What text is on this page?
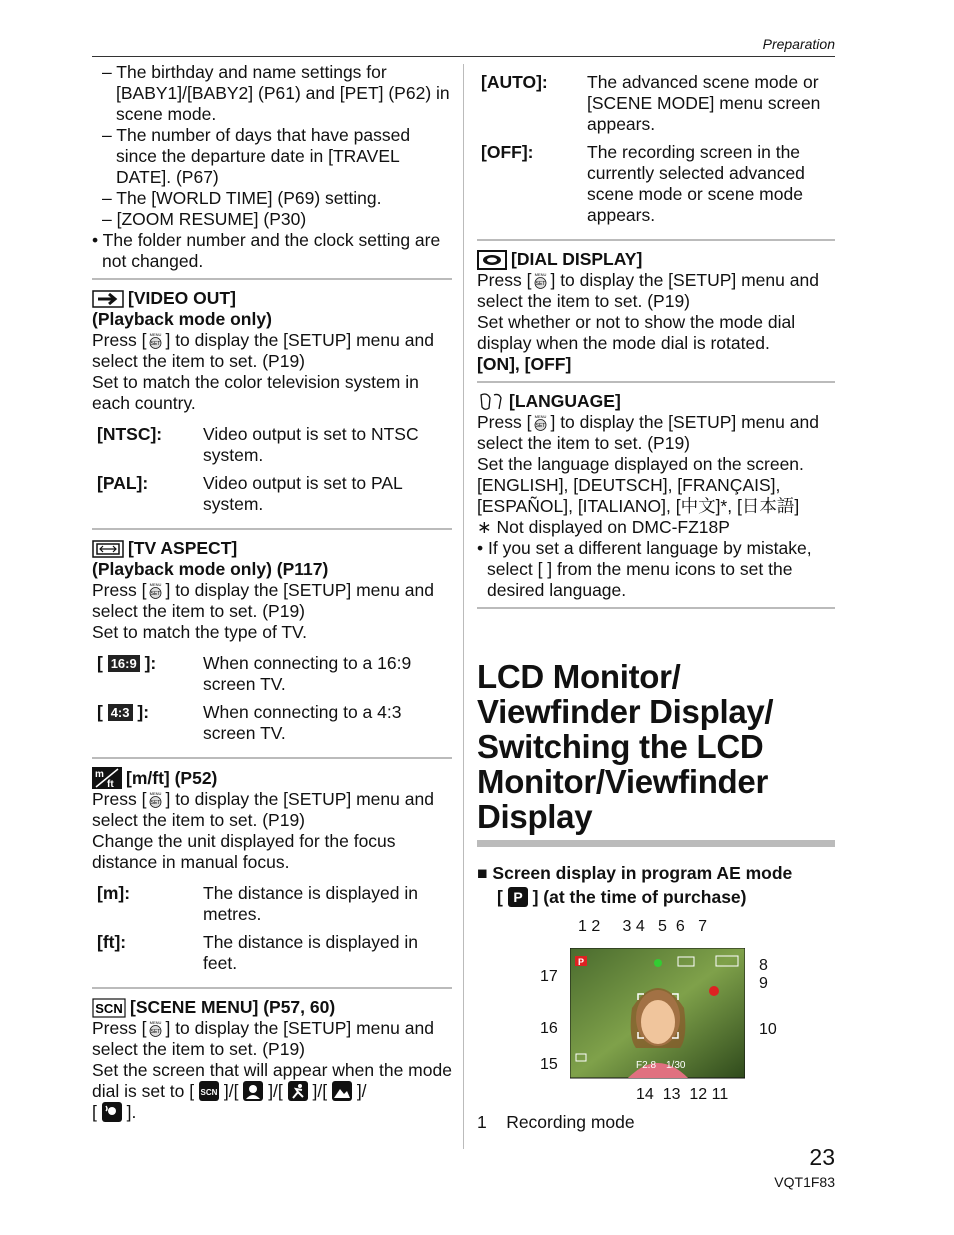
Preparation

– The birthday and name settings for [BABY1]/[BABY2] (P61) and [PET] (P62) in scene mode.

– The number of days that have passed since the departure date in [TRAVEL DATE]. (P67)

– The [WORLD TIME] (P69) setting.

– [ZOOM RESUME] (P30)

• The folder number and the clock setting are not changed.

[VIDEO OUT]

(Playback mode only)

Press [ MENU
SET ] to display the [SETUP] menu and select the item to set. (P19)

Set to match the color television system in each country.

[NTSC]:	Video output is set to NTSC system.
[PAL]:	Video output is set to PAL system.
[TV ASPECT]

(Playback mode only) (P117)

Press [ MENU
SET ] to display the [SETUP] menu and select the item to set. (P19)

Set to match the type of TV.

[ 16:9 ]:	When connecting to a 16:9 screen TV.
[ 4:3 ]:	When connecting to a 4:3 screen TV.
m
ft [m/ft] (P52)

Press [ MENU
SET ] to display the [SETUP] menu and select the item to set. (P19)

Change the unit displayed for the focus distance in manual focus.

[m]:	The distance is displayed in metres.
[ft]:	The distance is displayed in feet.
SCN [SCENE MENU] (P57, 60)

Press [ MENU
SET ] to display the [SETUP] menu and select the item to set. (P19)

Set the screen that will appear when the mode dial is set to [ SCN ]/[  ]/[  ]/[  ]/

[  ].

[AUTO]:	The advanced scene mode or [SCENE MODE] menu screen appears.
[OFF]:	The recording screen in the currently selected advanced scene mode or scene mode appears.
[DIAL DISPLAY]

Press [ MENU
SET ] to display the [SETUP] menu and select the item to set. (P19)

Set whether or not to show the mode dial display when the mode dial is rotated.

[ON], [OFF]

[LANGUAGE]

Press [ MENU
SET ] to display the [SETUP] menu and select the item to set. (P19)

Set the language displayed on the screen.

[ENGLISH], [DEUTSCH], [FRANÇAIS], [ESPAÑOL], [ITALIANO], [中文]*, [日本語]

∗ Not displayed on DMC-FZ18P

• If you set a different language by mistake, select [ ] from the menu icons to set the desired language.

LCD Monitor/ Viewfinder Display/ Switching the LCD Monitor/Viewfinder Display
■ Screen display in program AE mode
[ P ] (at the time of purchase)
1 2     3 4   5  6   7
17
16
15
8
9
10
14  13  12 11
P
F2.8 1/30
1 Recording mode
23
VQT1F83
